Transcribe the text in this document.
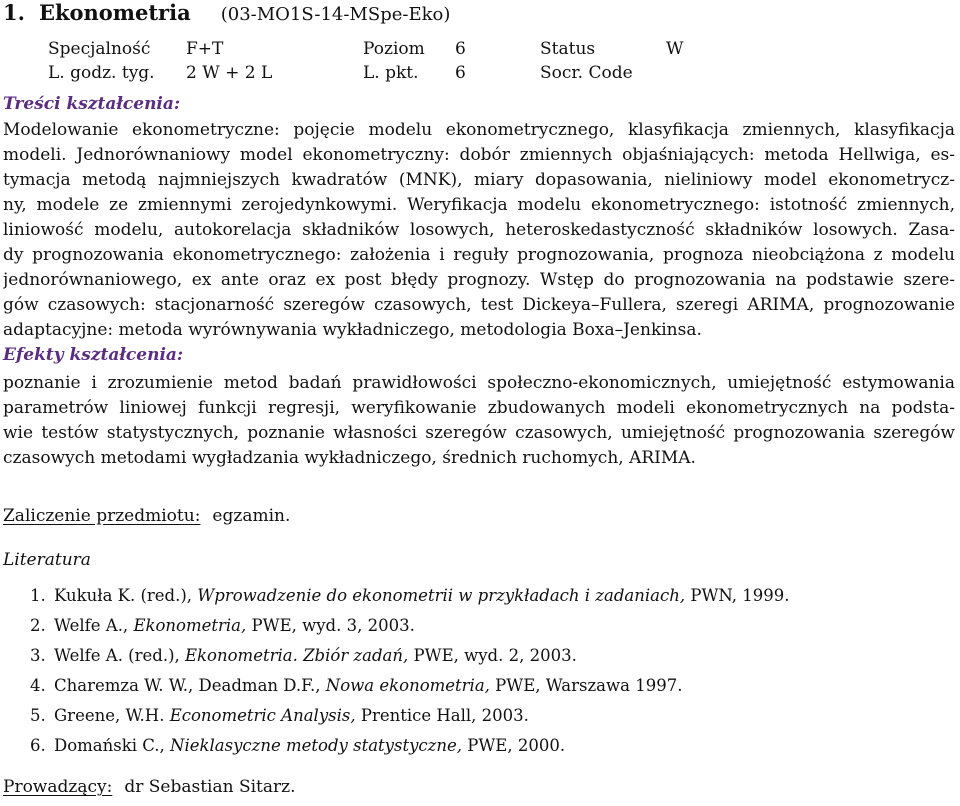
1. Ekonometria (03-MO1S-14-MSpe-Eko)
Specjalność F+T	Poziom 6	Status	W
L. godz. tyg. 2 W + 2 L	L. pkt. 6	Socr. Code
Treści kształcenia:
Modelowanie ekonometryczne: pojęcie modelu ekonometrycznego, klasyfikacja zmiennych, klasyfikacja
modeli. Jednorównaniowy model ekonometryczny: dobór zmiennych objaśniających: metoda Hellwiga, es-
tymacja metodą najmniejszych kwadratów (MNK), miary dopasowania, nieliniowy model ekonometrycz-
ny, modele ze zmiennymi zerojedynkowymi. Weryfikacja modelu ekonometrycznego: istotność zmiennych,
liniowość modelu, autokorelacja składników losowych, heteroskedastyczność składników losowych. Zasa-
dy prognozowania ekonometrycznego: założenia i reguły prognozowania, prognoza nieobciążona z modelu
jednorównaniowego, ex ante oraz ex post błędy prognozy. Wstęp do prognozowania na podstawie szere-
gów czasowych: stacjonarność szeregów czasowych, test Dickeya–Fullera, szeregi ARIMA, prognozowanie
adaptacyjne: metoda wyrównywania wykładniczego, metodologia Boxa–Jenkinsa.
Efekty kształcenia:
poznanie i zrozumienie metod badań prawidłowości społeczno-ekonomicznych, umiejętność estymowania
parametrów liniowej funkcji regresji, weryfikowanie zbudowanych modeli ekonometrycznych na podsta-
wie testów statystycznych, poznanie własności szeregów czasowych, umiejętność prognozowania szeregów
czasowych metodami wygładzania wykładniczego, średnich ruchomych, ARIMA.
Zaliczenie przedmiotu: egzamin.
Literatura
1. Kukuła K. (red.), Wprowadzenie do ekonometrii w przykładach i zadaniach, PWN, 1999.
2. Welfe A., Ekonometria, PWE, wyd. 3, 2003.
3. Welfe A. (red.), Ekonometria. Zbiór zadań, PWE, wyd. 2, 2003.
4. Charemza W. W., Deadman D.F., Nowa ekonometria, PWE, Warszawa 1997.
5. Greene, W.H. Econometric Analysis, Prentice Hall, 2003.
6. Domański C., Nieklasyczne metody statystyczne, PWE, 2000.
Prowadzący: dr Sebastian Sitarz.
